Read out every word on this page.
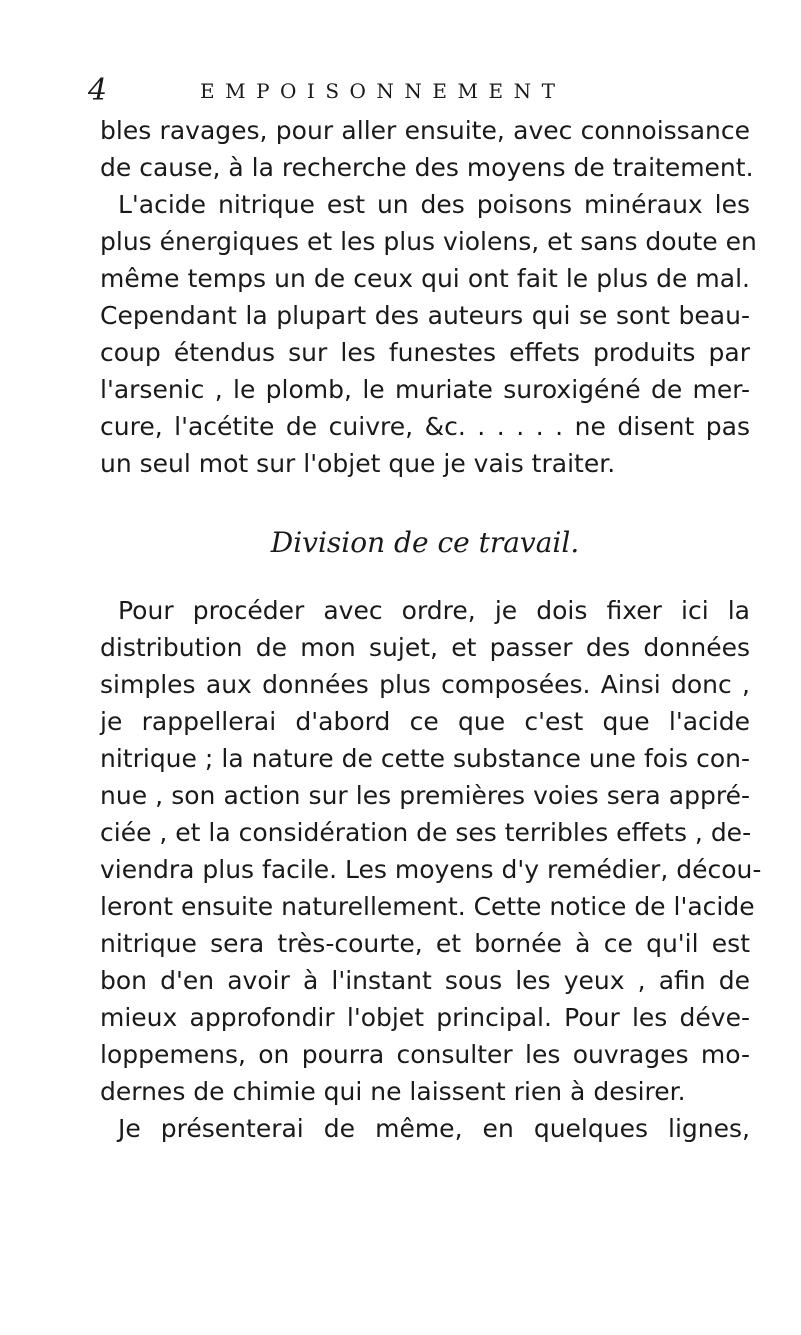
4	EMPOISONNEMENT
bles ravages, pour aller ensuite, avec connoissance
de cause, à la recherche des moyens de traitement.
L'acide nitrique est un des poisons minéraux les
plus énergiques et les plus violens, et sans doute en
même temps un de ceux qui ont fait le plus de mal.
Cependant la plupart des auteurs qui se sont beau-
coup étendus sur les funestes effets produits par
l'arsenic , le plomb, le muriate suroxigéné de mer-
cure, l'acétite de cuivre, &c. . . . . . ne disent pas
un seul mot sur l'objet que je vais traiter.
Division de ce travail.
Pour procéder avec ordre, je dois fixer ici la
distribution de mon sujet, et passer des données
simples aux données plus composées. Ainsi donc ,
je rappellerai d'abord ce que c'est que l'acide
nitrique ; la nature de cette substance une fois con-
nue , son action sur les premières voies sera appré-
ciée , et la considération de ses terribles effets , de-
viendra plus facile. Les moyens d'y remédier, décou-
leront ensuite naturellement. Cette notice de l'acide
nitrique sera très-courte, et bornée à ce qu'il est
bon d'en avoir à l'instant sous les yeux , afin de
mieux approfondir l'objet principal. Pour les déve-
loppemens, on pourra consulter les ouvrages mo-
dernes de chimie qui ne laissent rien à desirer.
Je présenterai de même, en quelques lignes,
